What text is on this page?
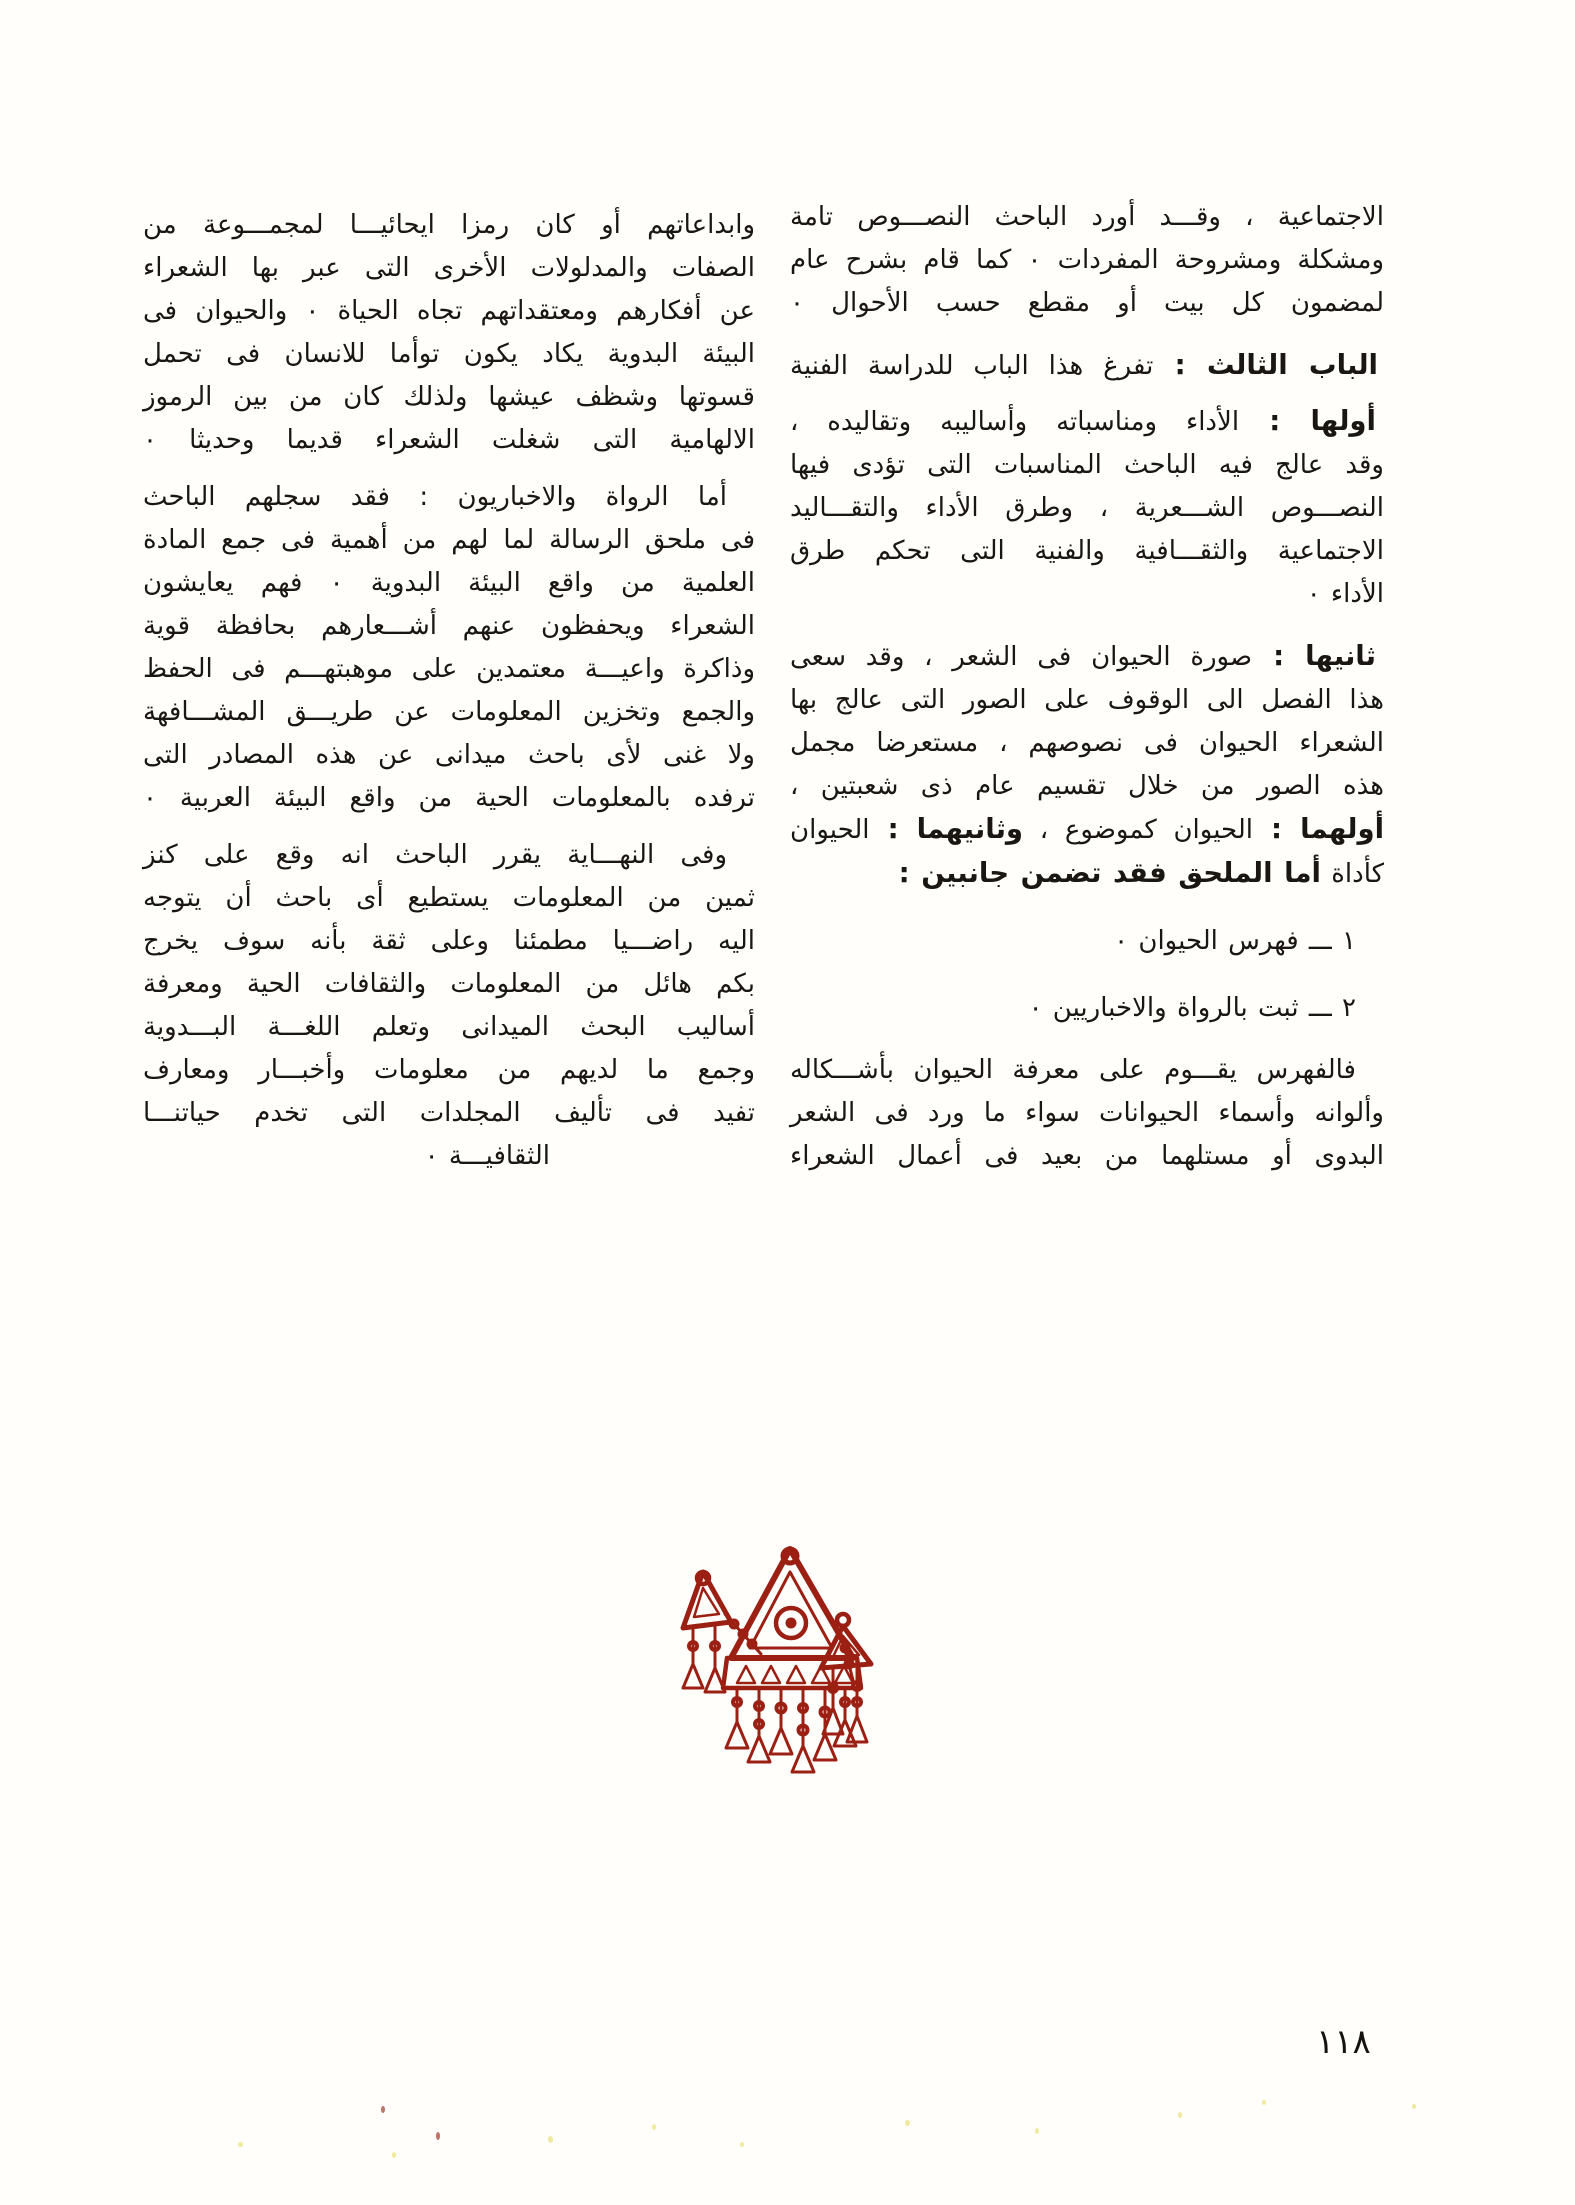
الاجتماعية ، وقـــد أورد الباحث النصـــوص تامة
ومشكلة ومشروحة المفردات ٠ كما قام بشرح عام
لمضمون كل بيت أو مقطع حسب الأحوال ٠
الباب الثالث : تفرغ هذا الباب للدراسة الفنية
أولها : الأداء ومناسباته وأساليبه وتقاليده ،
وقد عالج فيه الباحث المناسبات التى تؤدى فيها
النصـــوص الشـــعرية ، وطرق الأداء والتقـــاليد
الاجتماعية والثقـــافية والفنية التى تحكم طرق
الأداء ٠
ثانيها : صورة الحيوان فى الشعر ، وقد سعى
هذا الفصل الى الوقوف على الصور التى عالج بها
الشعراء الحيوان فى نصوصهم ، مستعرضا مجمل
هذه الصور من خلال تقسيم عام ذى شعبتين ،
أولهما : الحيوان كموضوع ، وثانيهما : الحيوان
كأداة أما الملحق فقد تضمن جانبين :
١ ـــ فهرس الحيوان ٠
٢ ـــ ثبت بالرواة والاخباريين ٠
فالفهرس يقـــوم على معرفة الحيوان بأشـــكاله
وألوانه وأسماء الحيوانات سواء ما ورد فى الشعر
البدوى أو مستلهما من بعيد فى أعمال الشعراء
وابداعاتهم أو كان رمزا ايحائيـــا لمجمـــوعة من
الصفات والمدلولات الأخرى التى عبر بها الشعراء
عن أفكارهم ومعتقداتهم تجاه الحياة ٠ والحيوان فى
البيئة البدوية يكاد يكون توأما للانسان فى تحمل
قسوتها وشظف عيشها ولذلك كان من بين الرموز
الالهامية التى شغلت الشعراء قديما وحديثا ٠
أما الرواة والاخباريون : فقد سجلهم الباحث
فى ملحق الرسالة لما لهم من أهمية فى جمع المادة
العلمية من واقع البيئة البدوية ٠ فهم يعايشون
الشعراء ويحفظون عنهم أشـــعارهم بحافظة قوية
وذاكرة واعيـــة معتمدين على موهبتهـــم فى الحفظ
والجمع وتخزين المعلومات عن طريـــق المشـــافهة
ولا غنى لأى باحث ميدانى عن هذه المصادر التى
ترفده بالمعلومات الحية من واقع البيئة العربية ٠
وفى النهـــاية يقرر الباحث انه وقع على كنز
ثمين من المعلومات يستطيع أى باحث أن يتوجه
اليه راضـــيا مطمئنا وعلى ثقة بأنه سوف يخرج
بكم هائل من المعلومات والثقافات الحية ومعرفة
أساليب البحث الميدانى وتعلم اللغـــة البـــدوية
وجمع ما لديهم من معلومات وأخبـــار ومعارف
تفيد فى تأليف المجلدات التى تخدم حياتنـــا
الثقافيـــة ٠
١١٨
